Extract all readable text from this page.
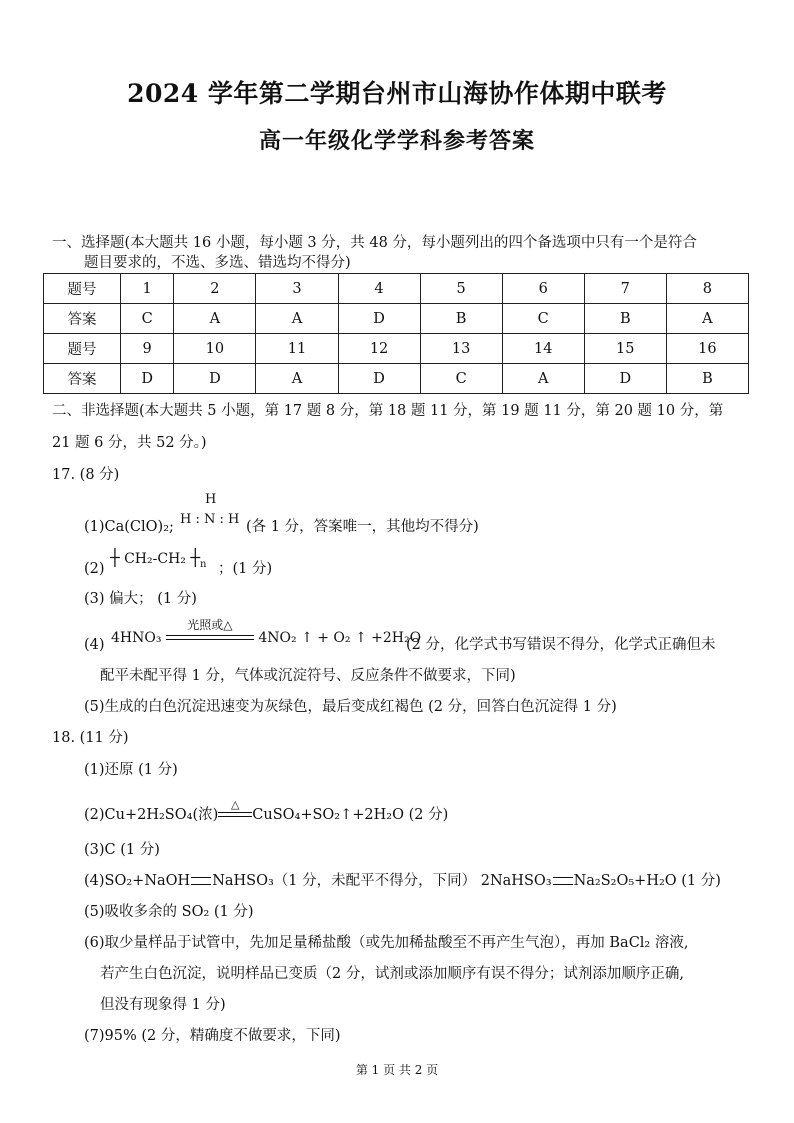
2024 学年第二学期台州市山海协作体期中联考
高一年级化学学科参考答案
一、选择题(本大题共 16 小题，每小题 3 分，共 48 分，每小题列出的四个备选项中只有一个是符合
题目要求的，不选、多选、错选均不得分)
题号	1	2	3	4	5	6	7	8
答案	C	A	A	D	B	C	B	A
题号	9	10	11	12	13	14	15	16
答案	D	D	A	D	C	A	D	B
二、非选择题(本大题共 5 小题，第 17 题 8 分，第 18 题 11 分，第 19 题 11 分，第 20 题 10 分，第
21 题 6 分，共 52 分。)
17. (8 分)
(1)Ca(ClO)₂;
H
H : N : H (各 1 分，答案唯一，其他均不得分)
(2)
┼ CH₂-CH₂ $┼_n$ ；(1 分)
(3) 偏大； (1 分)
(4) 4HNO₃
光照或△
4NO₂ ↑ + O₂ ↑ +2H₂O
(2 分，化学式书写错误不得分，化学式正确但未
配平未配平得 1 分，气体或沉淀符号、反应条件不做要求，下同)
(5)生成的白色沉淀迅速变为灰绿色，最后变成红褐色 (2 分，回答白色沉淀得 1 分)
18. (11 分)
(1)还原 (1 分)
(2)Cu+2H₂SO₄(浓)
△
CuSO₄+SO₂↑+2H₂O (2 分)
(3)C (1 分)
(4)SO₂+NaOH NaHSO₃（1 分，未配平不得分，下同） 2NaHSO₃ Na₂S₂O₅+H₂O (1 分)
(5)吸收多余的 SO₂ (1 分)
(6)取少量样品于试管中，先加足量稀盐酸（或先加稀盐酸至不再产生气泡），再加 BaCl₂ 溶液,
若产生白色沉淀，说明样品已变质（2 分，试剂或添加顺序有误不得分；试剂添加顺序正确,
但没有现象得 1 分)
(7)95% (2 分，精确度不做要求，下同)
第 1 页 共 2 页
